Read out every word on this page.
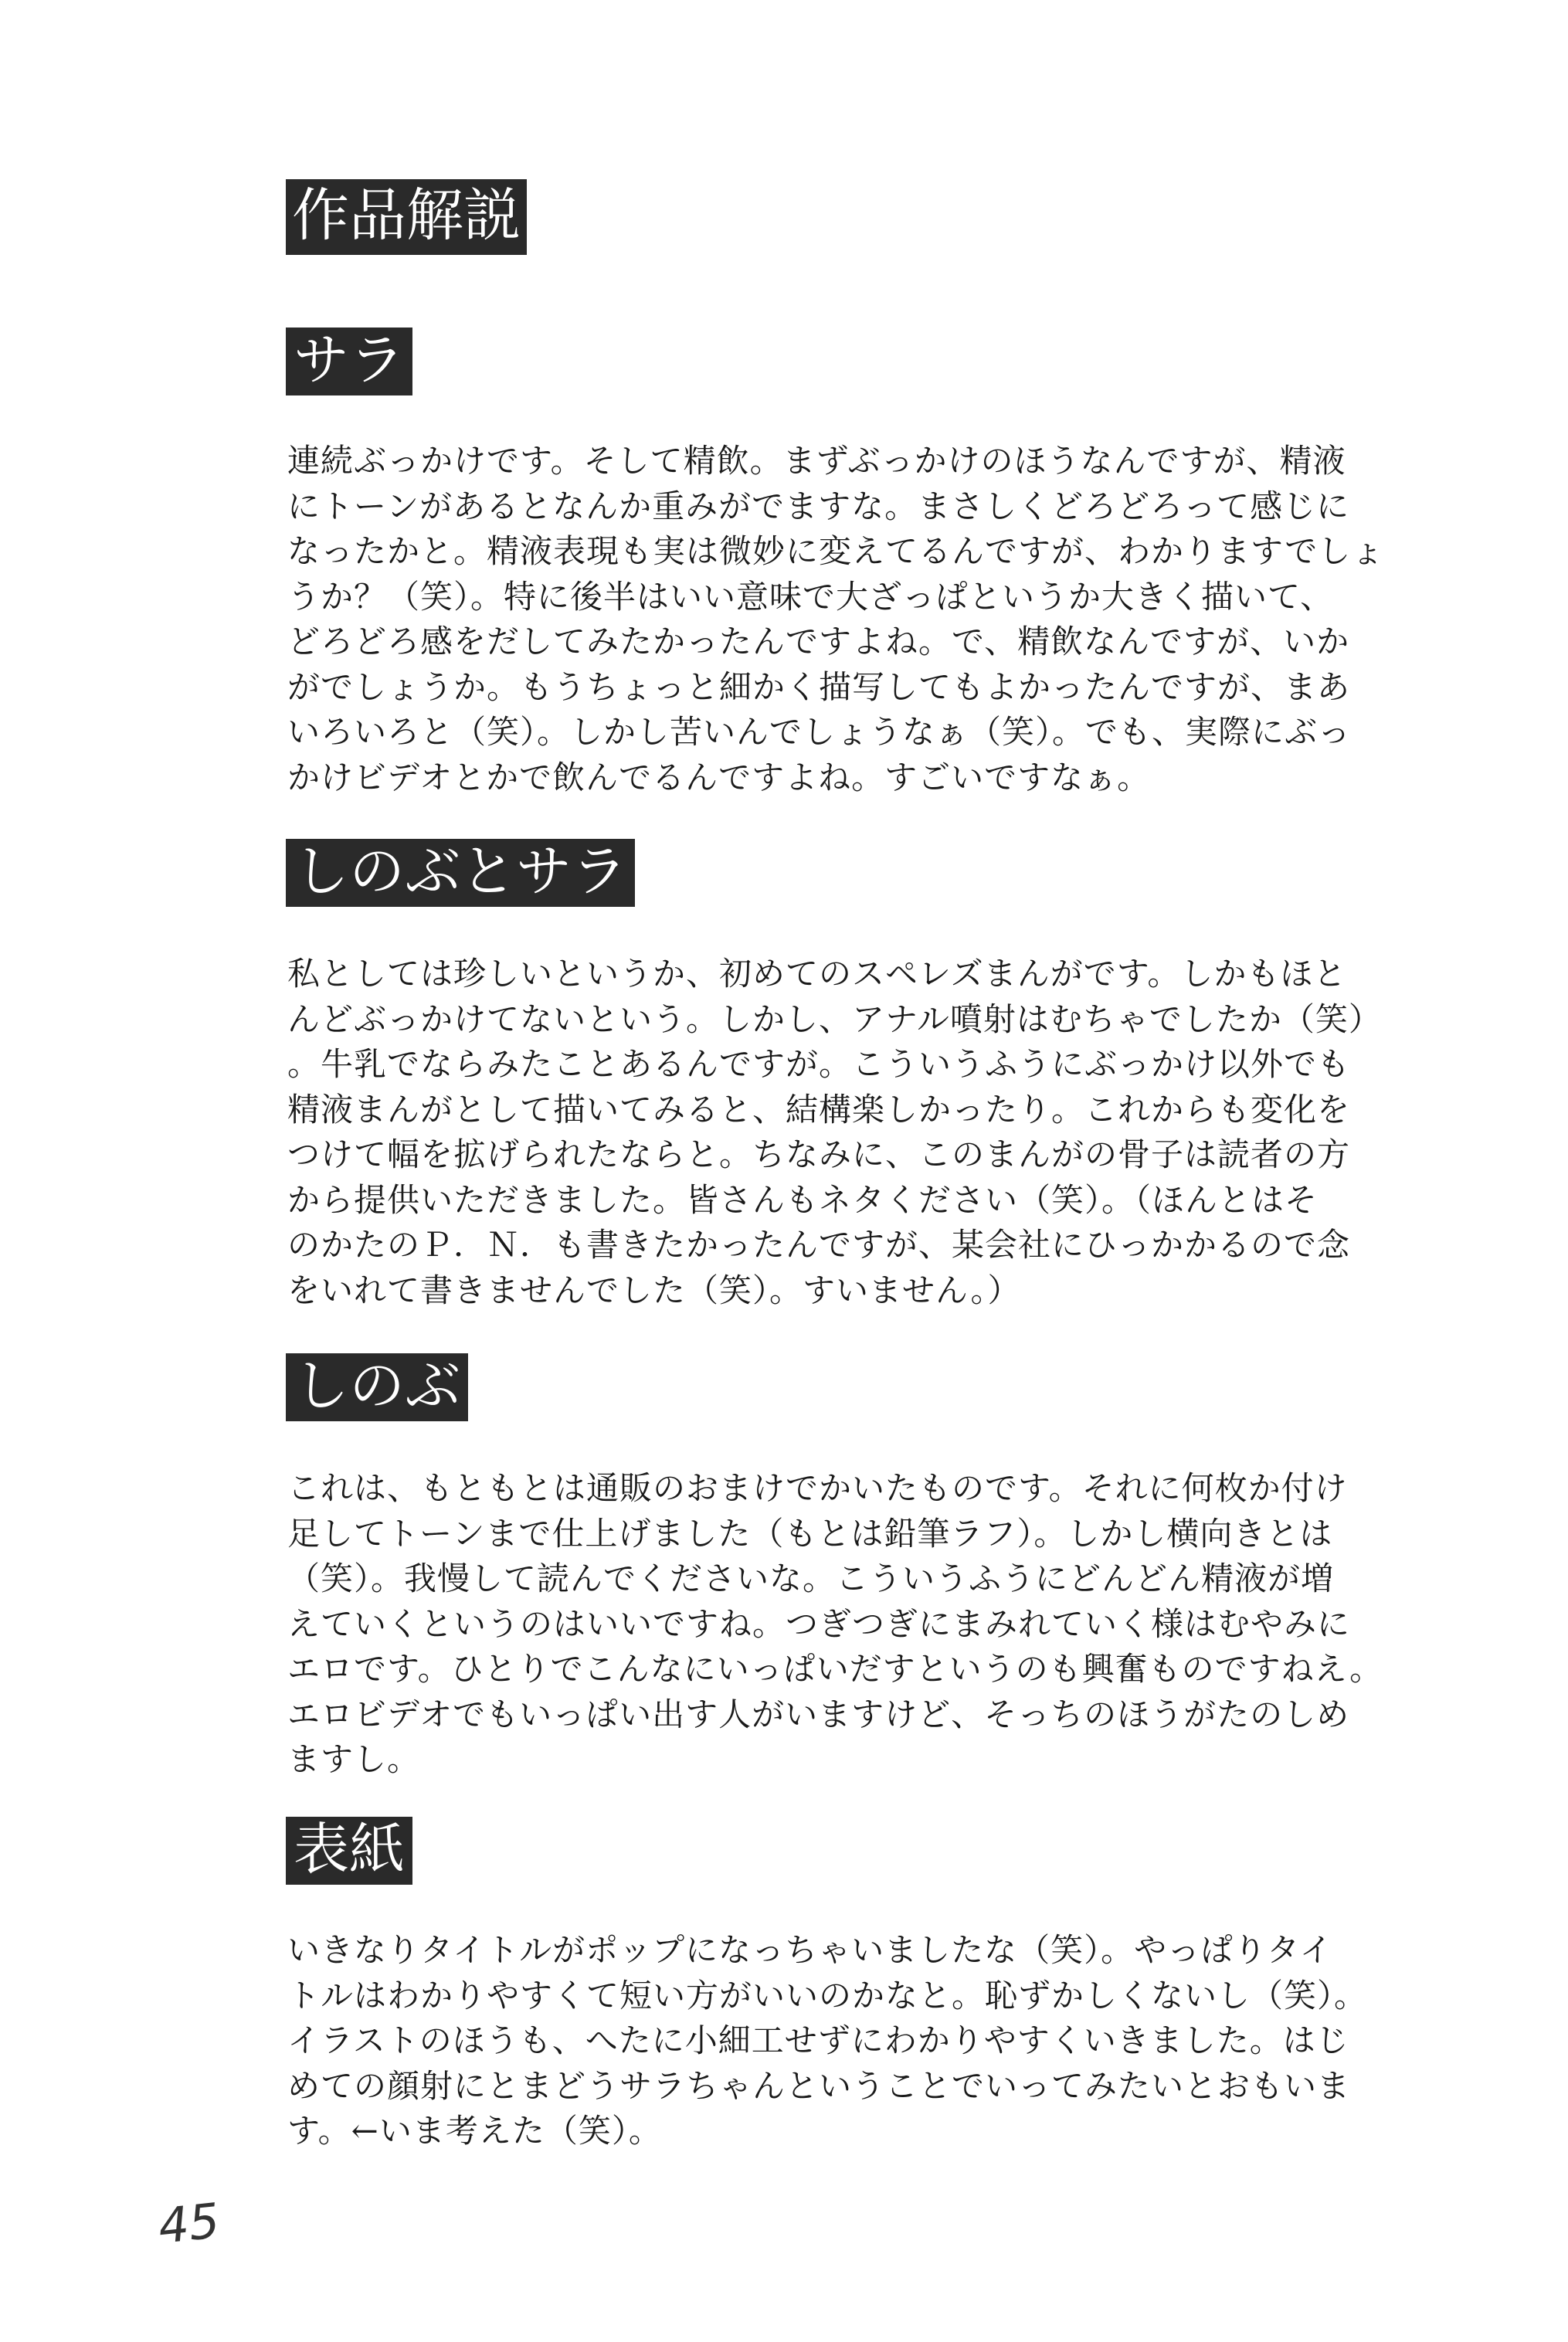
作品解説
サラ

連続ぶっかけです。そして精飲。まずぶっかけのほうなんですが、精液
にトーンがあるとなんか重みがでますな。まさしくどろどろって感じに
なったかと。精液表現も実は微妙に変えてるんですが、わかりますでしょ
うか？（笑）。特に後半はいい意味で大ざっぱというか大きく描いて、
どろどろ感をだしてみたかったんですよね。で、精飲なんですが、いか
がでしょうか。もうちょっと細かく描写してもよかったんですが、まあ
いろいろと（笑）。しかし苦いんでしょうなぁ（笑）。でも、実際にぶっ
かけビデオとかで飲んでるんですよね。すごいですなぁ。

しのぶとサラ

私としては珍しいというか、初めてのスペレズまんがです。しかもほと
んどぶっかけてないという。しかし、アナル噴射はむちゃでしたか（笑）
。牛乳でならみたことあるんですが。こういうふうにぶっかけ以外でも
精液まんがとして描いてみると、結構楽しかったり。これからも変化を
つけて幅を拡げられたならと。ちなみに、このまんがの骨子は読者の方
から提供いただきました。皆さんもネタください（笑）。（ほんとはそ
のかたのＰ．Ｎ．も書きたかったんですが、某会社にひっかかるので念
をいれて書きませんでした（笑）。すいません。）

しのぶ

これは、もともとは通販のおまけでかいたものです。それに何枚か付け
足してトーンまで仕上げました（もとは鉛筆ラフ）。しかし横向きとは
（笑）。我慢して読んでくださいな。こういうふうにどんどん精液が増
えていくというのはいいですね。つぎつぎにまみれていく様はむやみに
エロです。ひとりでこんなにいっぱいだすというのも興奮ものですねえ。
エロビデオでもいっぱい出す人がいますけど、そっちのほうがたのしめ
ますし。

表紙

いきなりタイトルがポップになっちゃいましたな（笑）。やっぱりタイ
トルはわかりやすくて短い方がいいのかなと。恥ずかしくないし（笑）。
イラストのほうも、へたに小細工せずにわかりやすくいきました。はじ
めての顔射にとまどうサラちゃんということでいってみたいとおもいま
す。←いま考えた（笑）。

45
